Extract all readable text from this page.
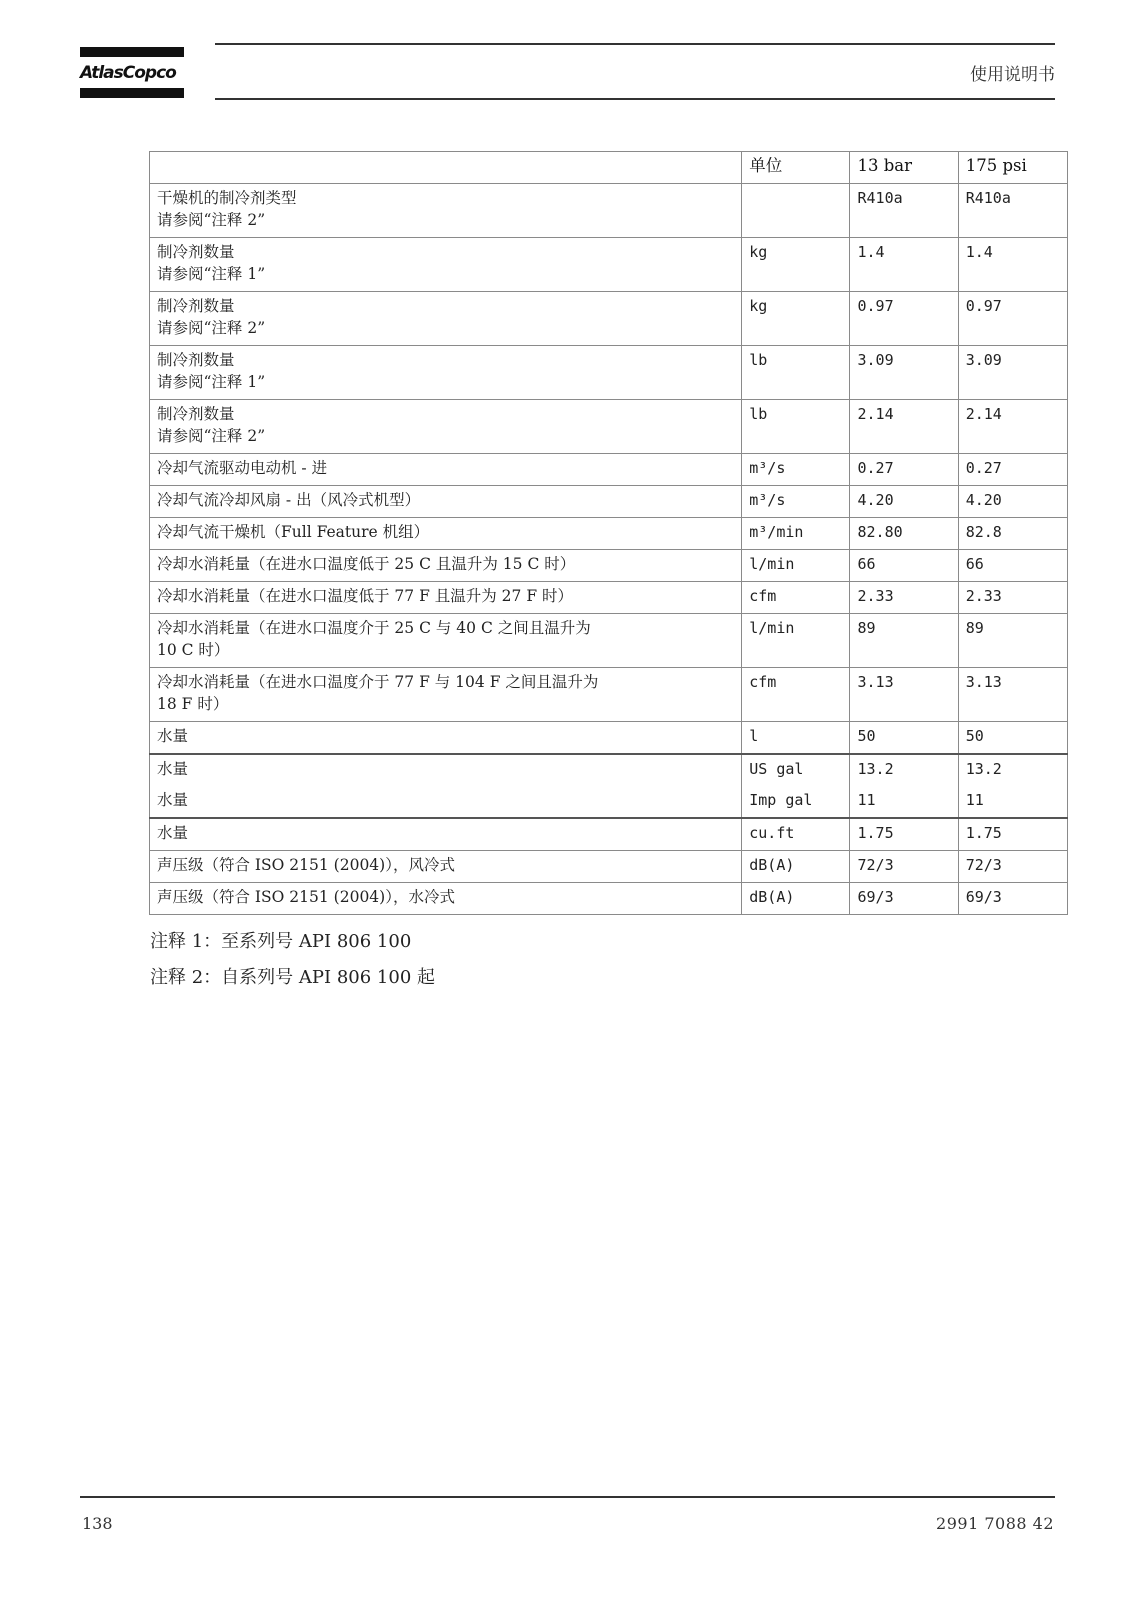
AtlasCopco	使用说明书
	单位	13 bar	175 psi

干燥机的制冷剂类型
请参阅“注释 2”		R410a	R410a

制冷剂数量
请参阅“注释 1”	kg	1.4	1.4

制冷剂数量
请参阅“注释 2”	kg	0.97	0.97

制冷剂数量
请参阅“注释 1”	lb	3.09	3.09

制冷剂数量
请参阅“注释 2”	lb	2.14	2.14

冷却气流驱动电动机 - 进	m³/s	0.27	0.27

冷却气流冷却风扇 - 出（风冷式机型）	m³/s	4.20	4.20

冷却气流干燥机（Full Feature 机组）	m³/min	82.80	82.8

冷却水消耗量（在进水口温度低于 25 C 且温升为 15 C 时）	l/min	66	66

冷却水消耗量（在进水口温度低于 77 F 且温升为 27 F 时）	cfm	2.33	2.33

冷却水消耗量（在进水口温度介于 25 C 与 40 C 之间且温升为
10 C 时）	l/min	89	89

冷却水消耗量（在进水口温度介于 77 F 与 104 F 之间且温升为
18 F 时）	cfm	3.13	3.13

水量	l	50	50

水量	US gal	13.2	13.2

水量	Imp gal	11	11

水量	cu.ft	1.75	1.75

声压级（符合 ISO 2151 (2004)），风冷式	dB(A)	72/3	72/3

声压级（符合 ISO 2151 (2004)），水冷式	dB(A)	69/3	69/3
注释 1：至系列号 API 806 100
注释 2：自系列号 API 806 100 起
138	2991 7088 42
